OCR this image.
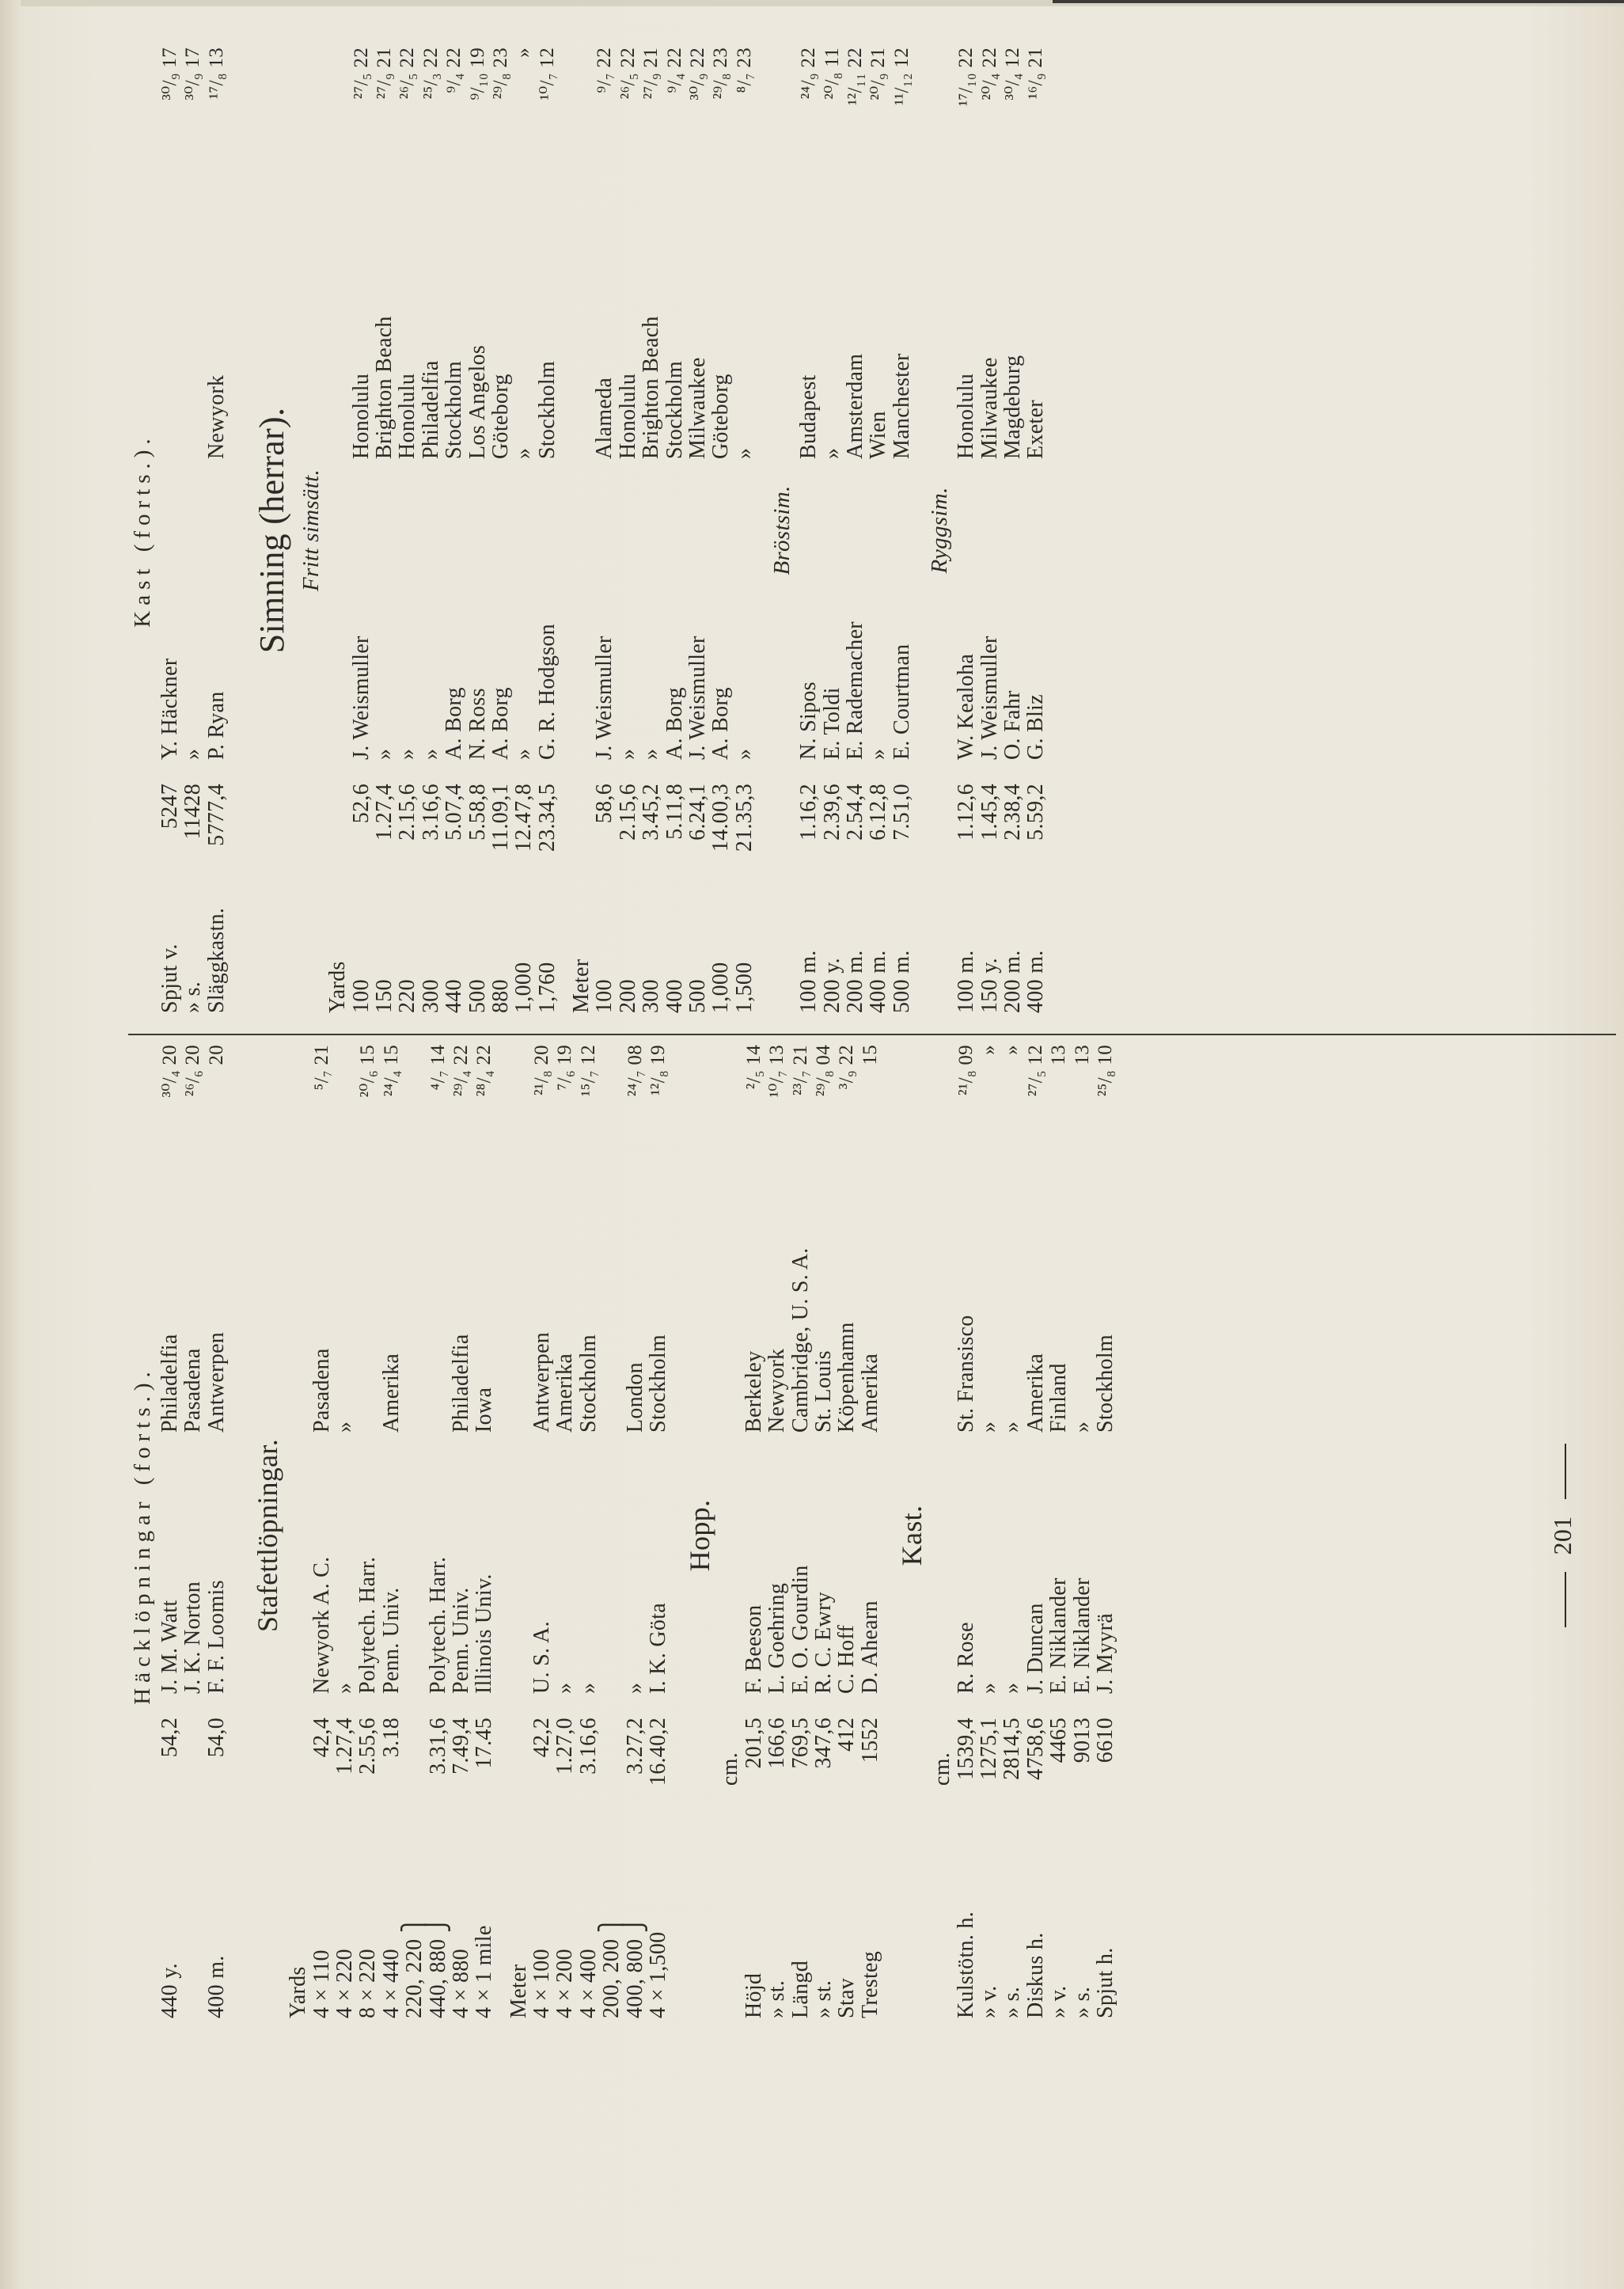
Häcklöpningar (forts.).
440 y.
54,2
J. M. Watt
Philadelfia
³⁰/₄ 20
J. K. Norton
Pasadena
²⁶/₆ 20
400 m.
54,0
F. F. Loomis
Antwerpen
20
Stafettlöpningar.
Yards
4 × 110
42,4
Newyork A. C.
Pasadena
⁵/₇ 21
4 × 220
1.27,4
»
»
8 × 220
2.55,6
Polytech. Harr.
²⁰/₆ 15
4 × 440
3.18
Penn. Univ.
Amerika
²⁴/₄ 15
220, 220 ⎫
440, 880 ⎭
3.31,6
Polytech. Harr.
⁴/₇ 14
4 × 880
7.49,4
Penn. Univ.
Philadelfia
²⁹/₄ 22
4 × 1 mile
17.45
Illinois Univ.
Iowa
²⁸/₄ 22
Meter
4 × 100
42,2
U. S. A.
Antwerpen
²¹/₈ 20
4 × 200
1.27,0
»
Amerika
⁷/₆ 19
4 × 400
3.16,6
»
Stockholm
¹⁵/₇ 12
200, 200 ⎫
400, 800 ⎭
3.27,2
»
London
²⁴/₇ 08
4 × 1,500
16.40,2
I. K. Göta
Stockholm
¹²/₈ 19
Hopp.
cm.
Höjd
201,5
F. Beeson
Berkeley
²/₅ 14
» st.
166,6
L. Goehring
Newyork
¹⁰/₇ 13
Längd
769,5
E. O. Gourdin
Cambridge, U. S. A.
²³/₇ 21
» st.
347,6
R. C. Ewry
St. Louis
²⁹/₈ 04
Stav
412
C. Hoff
Köpenhamn
³/₉ 22
Tresteg
1552
D. Ahearn
Amerika
15
Kast.
cm.
Kulstötn. h.
1539,4
R. Rose
St. Fransisco
²¹/₈ 09
» v.
1275,1
»
»
»
» s.
2814,5
»
»
»
Diskus h.
4758,6
J. Duncan
Amerika
²⁷/₅ 12
» v.
4465
E. Niklander
Finland
13
» s.
9013
E. Niklander
»
13
Spjut h.
6610
J. Myyrä
Stockholm
²⁵/₈ 10
201
Kast (forts.).
Spjut v.
5247
Y. Häckner
³⁰/₉ 17
» s.
11428
»
³⁰/₉ 17
Släggkastn.
5777,4
P. Ryan
Newyork
¹⁷/₈ 13
Simning (herrar). Fritt simsätt.
Yards
100
52,6
J. Weismuller
Honolulu
²⁷/₅ 22
150
1.27,4
»
Brighton Beach
²⁷/₉ 21
220
2.15,6
»
Honolulu
²⁶/₅ 22
300
3.16,6
»
Philadelfia
²⁵/₃ 22
440
5.07,4
A. Borg
Stockholm
⁹/₄ 22
500
5.58,8
N. Ross
Los Angelos
⁹/₁₀ 19
880
11.09,1
A. Borg
Göteborg
²⁹/₈ 23
1,000
12.47,8
»
»
»
1,760
23.34,5
G. R. Hodgson
Stockholm
¹⁰/₇ 12
Meter
100
58,6
J. Weismuller
Alameda
⁹/₇ 22
200
2.15,6
»
Honolulu
²⁶/₅ 22
300
3.45,2
»
Brighton Beach
²⁷/₉ 21
400
5.11,8
A. Borg
Stockholm
⁹/₄ 22
500
6.24,1
J. Weismuller
Milwaukee
³⁰/₉ 22
1,000
14.00,3
A. Borg
Göteborg
²⁹/₈ 23
1,500
21.35,3
»
»
⁸/₇ 23
Bröstsim.
100 m.
1.16,2
N. Sipos
Budapest
²⁴/₉ 22
200 y.
2.39,6
E. Toldi
»
²⁰/₈ 11
200 m.
2.54,4
E. Rademacher
Amsterdam
¹²/₁₁ 22
400 m.
6.12,8
»
Wien
²⁰/₉ 21
500 m.
7.51,0
E. Courtman
Manchester
¹¹/₁₂ 12
Ryggsim.
100 m.
1.12,6
W. Kealoha
Honolulu
¹⁷/₁₀ 22
150 y.
1.45,4
J. Weismuller
Milwaukee
²⁰/₄ 22
200 m.
2.38,4
O. Fahr
Magdeburg
³⁰/₄ 12
400 m.
5.59,2
G. Bliz
Exeter
¹⁶/₉ 21
